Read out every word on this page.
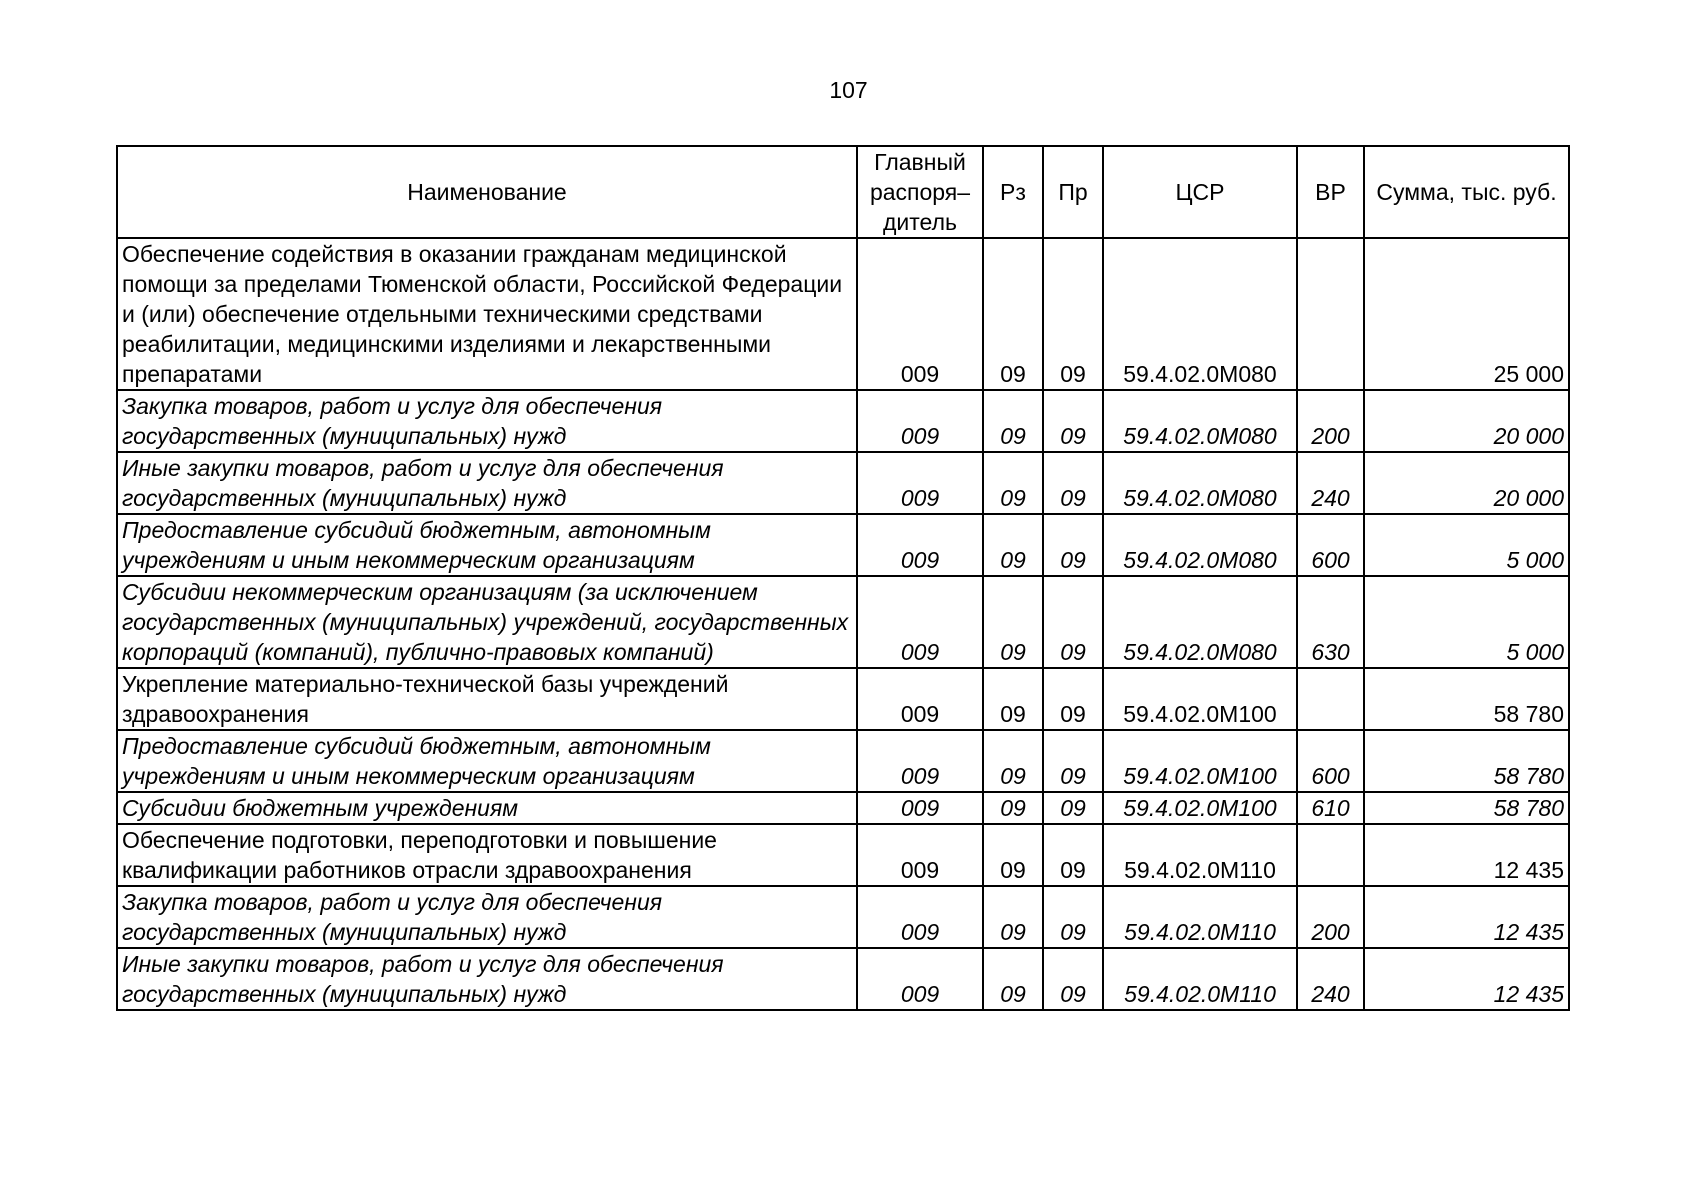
107
Наименование	Главный распоря– дитель	Рз	Пр	ЦСР	ВР	Сумма, тыс. руб.
Обеспечение содействия в оказании гражданам медицинской помощи за пределами Тюменской области, Российской Федерации и (или) обеспечение отдельными техническими средствами реабилитации, медицинскими изделиями и лекарственными препаратами	009	09	09	59.4.02.0М080		25 000
Закупка товаров, работ и услуг для обеспечения государственных (муниципальных) нужд	009	09	09	59.4.02.0М080	200	20 000
Иные закупки товаров, работ и услуг для обеспечения государственных (муниципальных) нужд	009	09	09	59.4.02.0М080	240	20 000
Предоставление субсидий бюджетным, автономным учреждениям и иным некоммерческим организациям	009	09	09	59.4.02.0М080	600	5 000
Субсидии некоммерческим организациям (за исключением государственных (муниципальных) учреждений, государственных корпораций (компаний), публично-правовых компаний)	009	09	09	59.4.02.0М080	630	5 000
Укрепление материально-технической базы учреждений здравоохранения	009	09	09	59.4.02.0М100		58 780
Предоставление субсидий бюджетным, автономным учреждениям и иным некоммерческим организациям	009	09	09	59.4.02.0М100	600	58 780
Субсидии бюджетным учреждениям	009	09	09	59.4.02.0М100	610	58 780
Обеспечение подготовки, переподготовки и повышение квалификации работников отрасли здравоохранения	009	09	09	59.4.02.0М110		12 435
Закупка товаров, работ и услуг для обеспечения государственных (муниципальных) нужд	009	09	09	59.4.02.0М110	200	12 435
Иные закупки товаров, работ и услуг для обеспечения государственных (муниципальных) нужд	009	09	09	59.4.02.0М110	240	12 435
